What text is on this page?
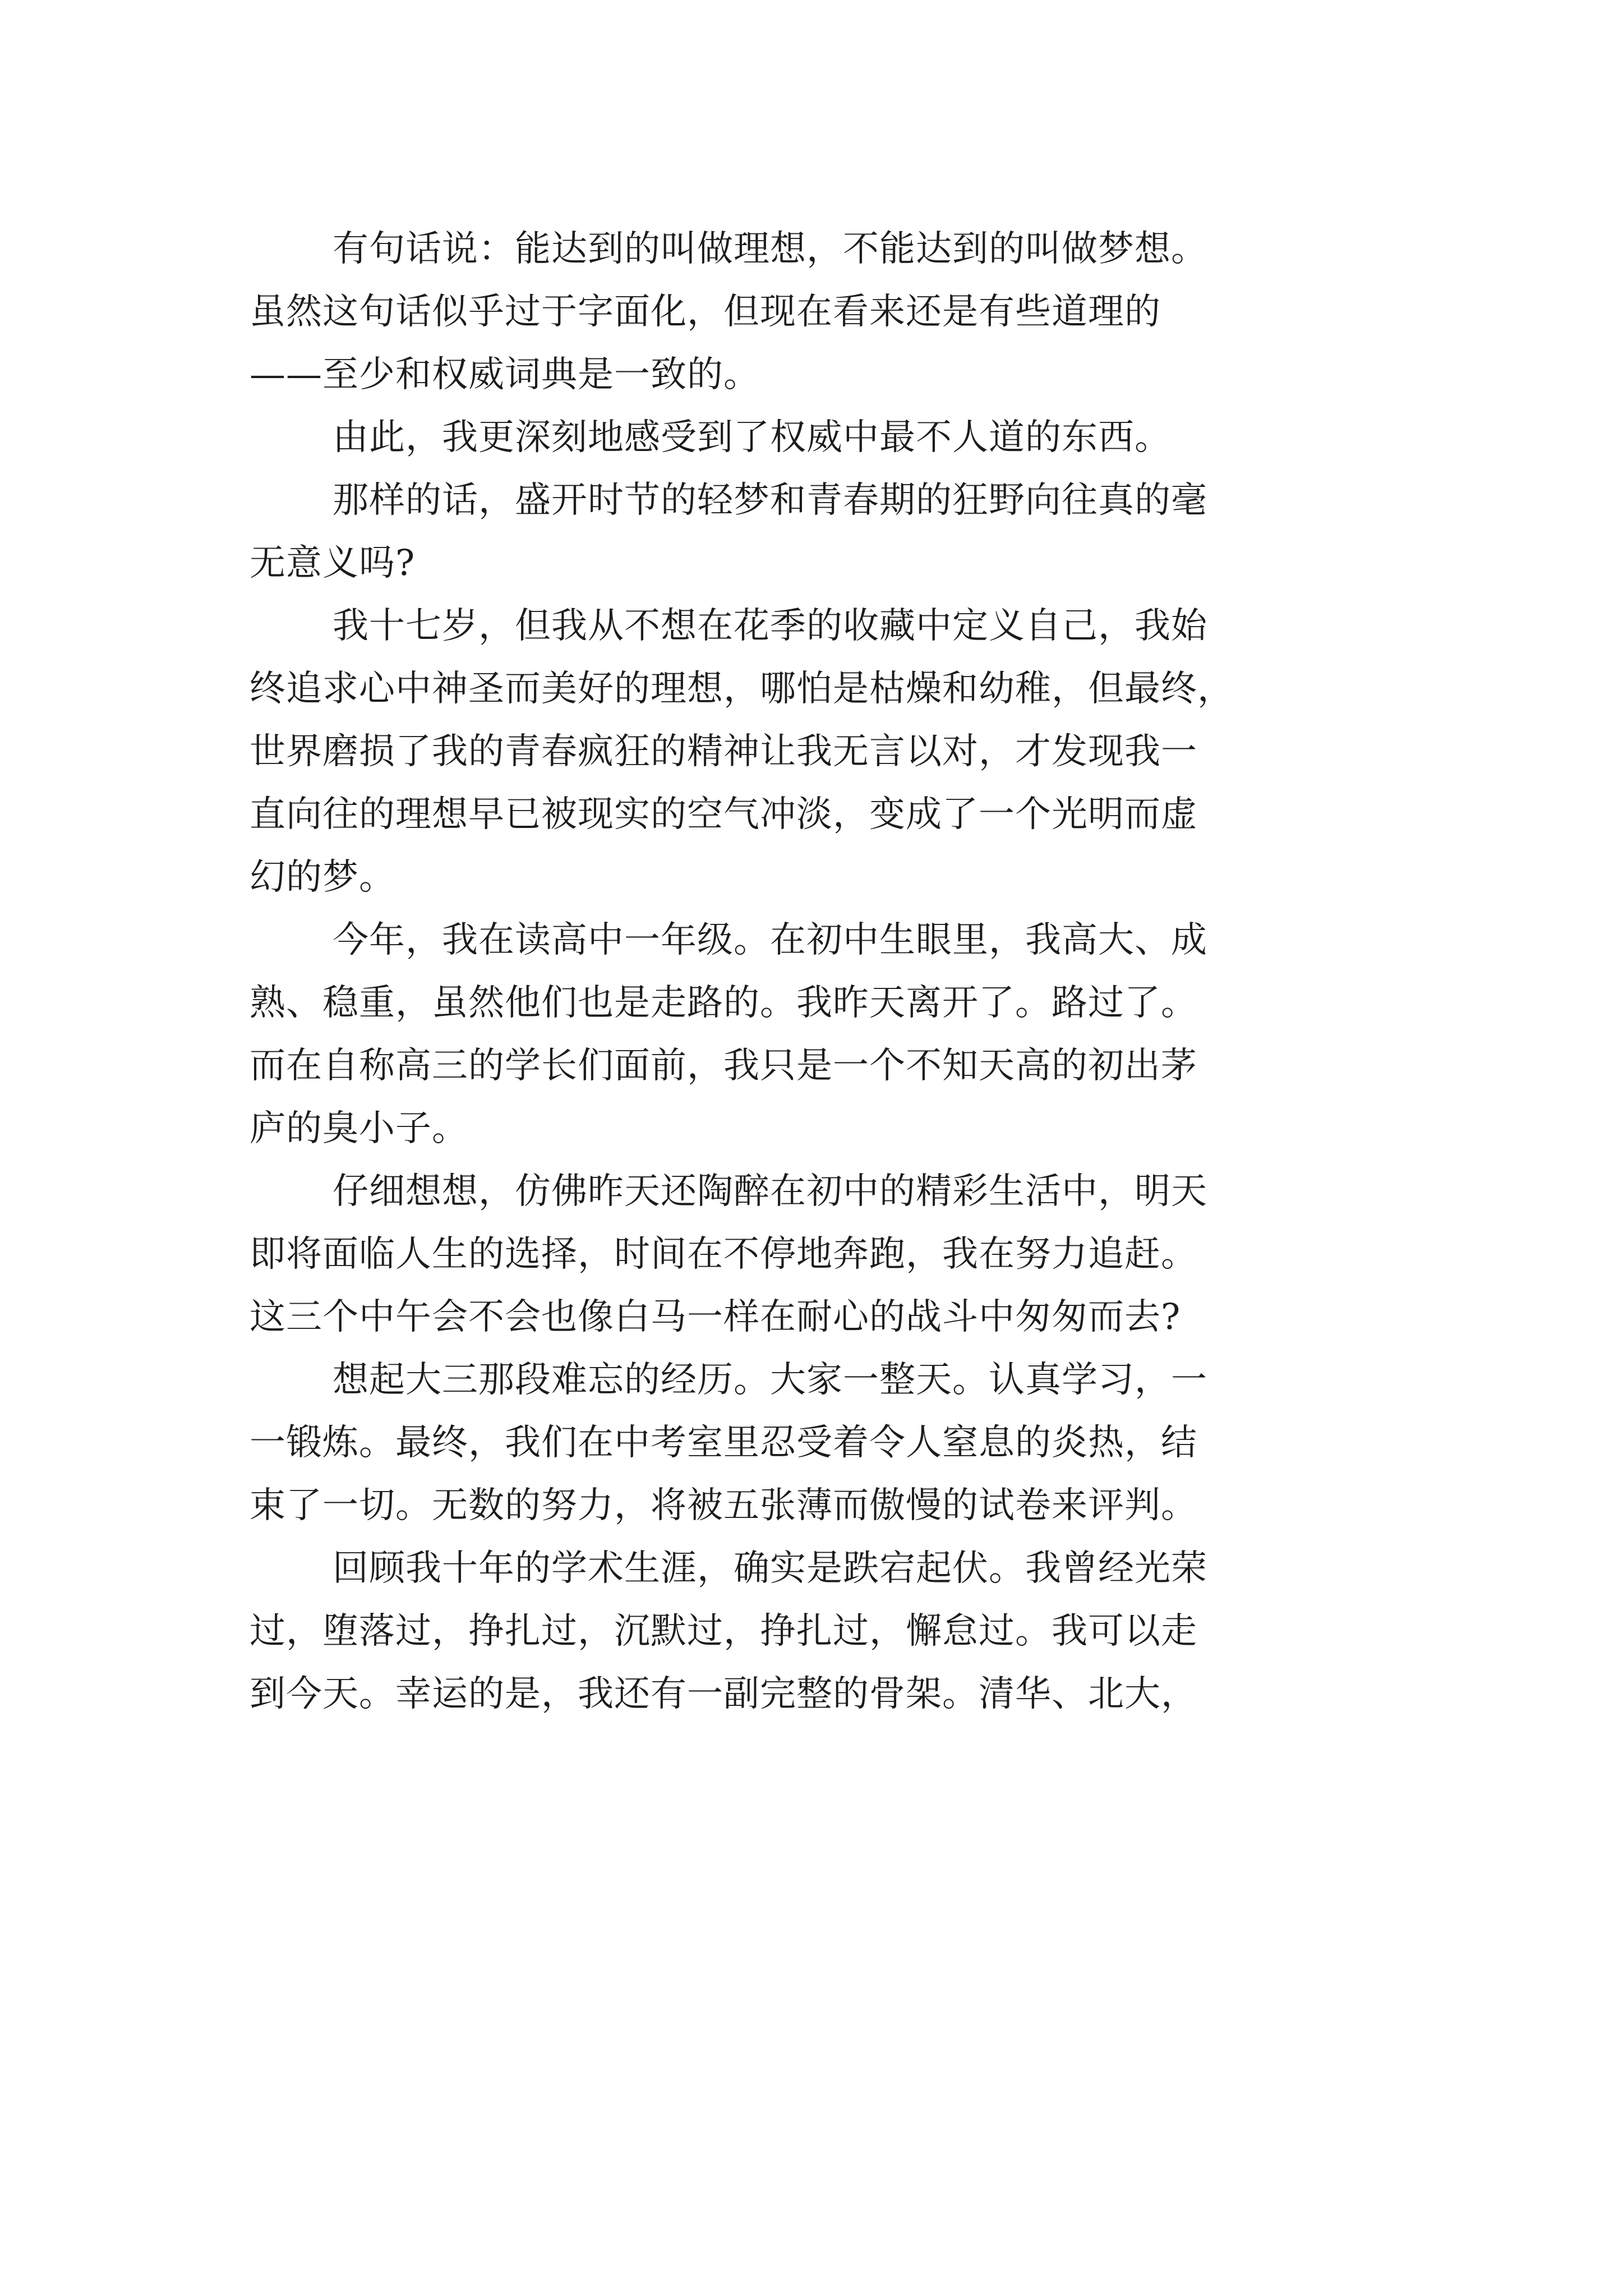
有句话说：能达到的叫做理想，不能达到的叫做梦想。
虽然这句话似乎过于字面化，但现在看来还是有些道理的
——至少和权威词典是一致的。

由此，我更深刻地感受到了权威中最不人道的东西。

那样的话，盛开时节的轻梦和青春期的狂野向往真的毫
无意义吗?

我十七岁，但我从不想在花季的收藏中定义自己，我始
终追求心中神圣而美好的理想，哪怕是枯燥和幼稚，但最终，
世界磨损了我的青春疯狂的精神让我无言以对，才发现我一
直向往的理想早已被现实的空气冲淡，变成了一个光明而虚
幻的梦。

今年，我在读高中一年级。在初中生眼里，我高大、成
熟、稳重，虽然他们也是走路的。我昨天离开了。路过了。
而在自称高三的学长们面前，我只是一个不知天高的初出茅
庐的臭小子。

仔细想想，仿佛昨天还陶醉在初中的精彩生活中，明天
即将面临人生的选择，时间在不停地奔跑，我在努力追赶。
这三个中午会不会也像白马一样在耐心的战斗中匆匆而去?

想起大三那段难忘的经历。大家一整天。认真学习，一
一锻炼。最终，我们在中考室里忍受着令人窒息的炎热，结
束了一切。无数的努力，将被五张薄而傲慢的试卷来评判。

回顾我十年的学术生涯，确实是跌宕起伏。我曾经光荣
过，堕落过，挣扎过，沉默过，挣扎过，懈怠过。我可以走
到今天。幸运的是，我还有一副完整的骨架。清华、北大，
